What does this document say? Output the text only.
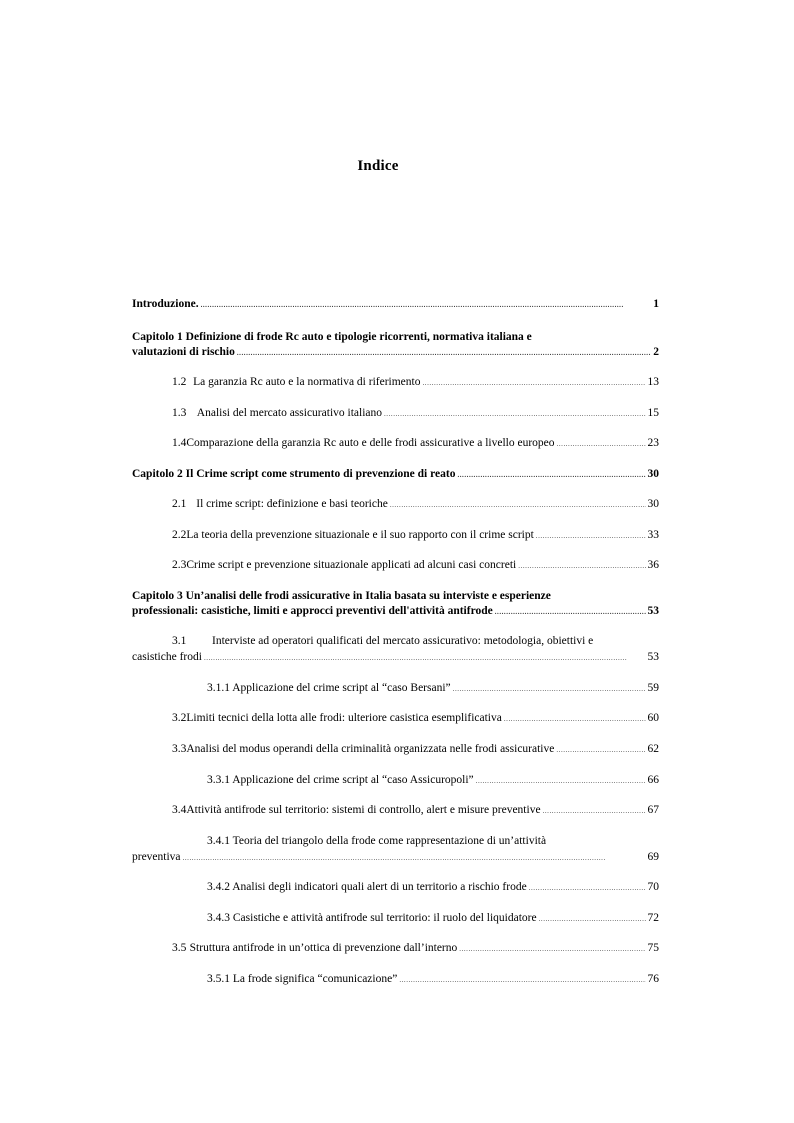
Indice
Introduzione. . . .	1
Capitolo 1 Definizione di frode Rc auto e tipologie ricorrenti, normativa italiana e
valutazioni di rischio . . .	2
1.2 La garanzia Rc auto e la normativa di riferimento . . .	13
1.3 Analisi del mercato assicurativo italiano . . .	15
1.4 Comparazione della garanzia Rc auto e delle frodi assicurative a livello europeo . . .	23
Capitolo 2 Il Crime script come strumento di prevenzione di reato . . .	30
2.1 Il crime script: definizione e basi teoriche . . .	30
2.2 La teoria della prevenzione situazionale e il suo rapporto con il crime script . . .	33
2.3 Crime script e prevenzione situazionale applicati ad alcuni casi concreti . . .	36
Capitolo 3 Un’analisi delle frodi assicurative in Italia basata su interviste e esperienze
professionali: casistiche, limiti e approcci preventivi dell'attività antifrode . . .	53
3.1 Interviste ad operatori qualificati del mercato assicurativo: metodologia, obiettivi e
casistiche frodi . . .	53
3.1.1 Applicazione del crime script al “caso Bersani” . . .	59
3.2 Limiti tecnici della lotta alle frodi: ulteriore casistica esemplificativa . . .	60
3.3 Analisi del modus operandi della criminalità organizzata nelle frodi assicurative . . .	62
3.3.1 Applicazione del crime script al “caso Assicuropoli” . . .	66
3.4 Attività antifrode sul territorio: sistemi di controllo, alert e misure preventive . . .	67
3.4.1 Teoria del triangolo della frode come rappresentazione di un’attività
preventiva . . .	69
3.4.2 Analisi degli indicatori quali alert di un territorio a rischio frode . . .	70
3.4.3 Casistiche e attività antifrode sul territorio: il ruolo del liquidatore . . .	72
3.5 Struttura antifrode in un’ottica di prevenzione dall’interno . . .	75
3.5.1 La frode significa “comunicazione” . . .	76
